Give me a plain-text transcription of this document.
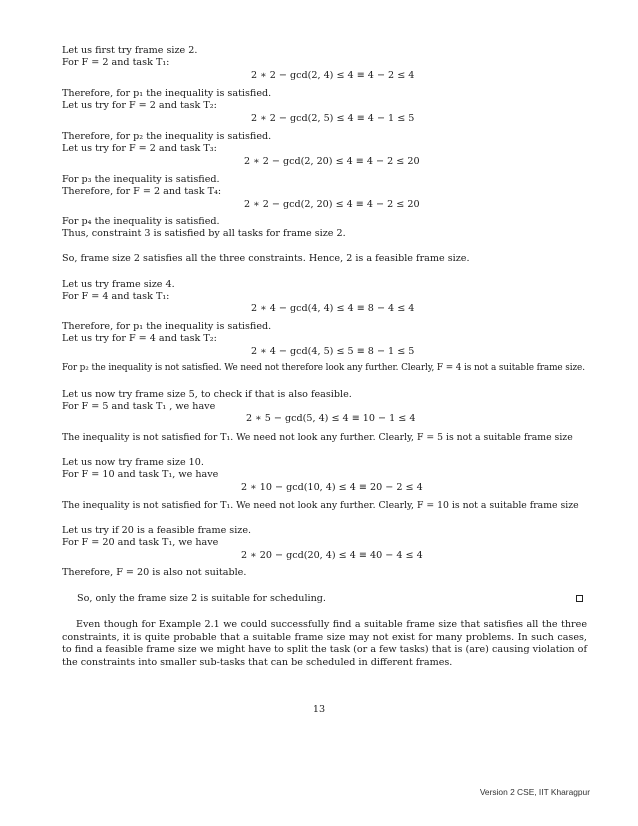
Let us first try frame size 2.
For F = 2 and task T₁:
2 ∗ 2 − gcd(2, 4) ≤ 4 ≡ 4 − 2 ≤ 4
Therefore, for p₁ the inequality is satisfied.
Let us try for F = 2 and task T₂:
2 ∗ 2 − gcd(2, 5) ≤ 4 ≡ 4 − 1 ≤ 5
Therefore, for p₂ the inequality is satisfied.
Let us try for F = 2 and task T₃:
2 ∗ 2 − gcd(2, 20) ≤ 4 ≡ 4 − 2 ≤ 20
For p₃ the inequality is satisfied.
Therefore, for F = 2 and task T₄:
2 ∗ 2 − gcd(2, 20) ≤ 4 ≡ 4 − 2 ≤ 20
For p₄ the inequality is satisfied.
Thus, constraint 3 is satisfied by all tasks for frame size 2.
So, frame size 2 satisfies all the three constraints. Hence, 2 is a feasible frame size.
Let us try frame size 4.
For F = 4 and task T₁:
2 ∗ 4 − gcd(4, 4) ≤ 4 ≡ 8 − 4 ≤ 4
Therefore, for p₁ the inequality is satisfied.
Let us try for F = 4 and task T₂:
2 ∗ 4 − gcd(4, 5) ≤ 5 ≡ 8 − 1 ≤ 5
For p₂ the inequality is not satisfied. We need not therefore look any further. Clearly, F = 4 is not a suitable frame size.
Let us now try frame size 5, to check if that is also feasible.
For F = 5 and task T₁ , we have
2 ∗ 5 − gcd(5, 4) ≤ 4 ≡ 10 − 1 ≤ 4
The inequality is not satisfied for T₁. We need not look any further. Clearly, F = 5 is not a suitable frame size
Let us now try frame size 10.
For F = 10 and task T₁, we have
2 ∗ 10 − gcd(10, 4) ≤ 4 ≡ 20 − 2 ≤ 4
The inequality is not satisfied for T₁. We need not look any further. Clearly, F = 10 is not a suitable frame size
Let us try if 20 is a feasible frame size.
For F = 20 and task T₁, we have
2 ∗ 20 − gcd(20, 4) ≤ 4 ≡ 40 − 4 ≤ 4
Therefore, F = 20 is also not suitable.
So, only the frame size 2 is suitable for scheduling.
Even though for Example 2.1 we could successfully find a suitable frame size that satisfies all the three constraints, it is quite probable that a suitable frame size may not exist for many problems. In such cases, to find a feasible frame size we might have to split the task (or a few tasks) that is (are) causing violation of the constraints into smaller sub-tasks that can be scheduled in different frames.
13
Version 2 CSE, IIT Kharagpur
